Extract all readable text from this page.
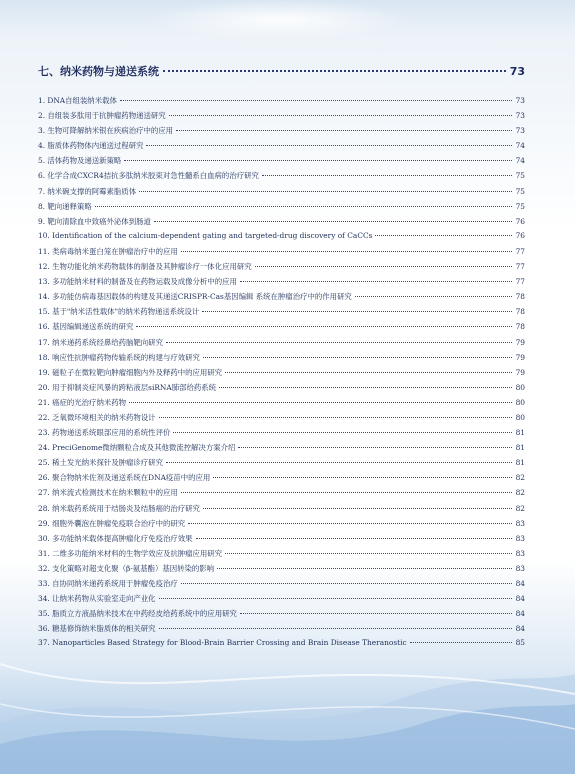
七、纳米药物与递送系统	73
1. DNA自组装纳米载体	73
2. 自组装多肽用于抗肿瘤药物递送研究	73
3. 生物可降解纳米银在疾病治疗中的应用	73
4. 脂质体药物体内递送过程研究	74
5. 活体药物及递送新策略	74
6. 化学合成CXCR4拮抗多肽纳米胶束对急性髓系白血病的治疗研究	75
7. 纳米碗支撑的阿霉素脂质体	75
8. 靶向递释策略	75
9. 靶向清除血中致癌外泌体到肠道	76
10. Identification of the calcium-dependent gating and targeted-drug discovery of CaCCs	76
11. 类病毒纳米蛋白笼在肿瘤治疗中的应用	77
12. 生物功能化纳米药物载体的制备及其肿瘤诊疗一体化应用研究	77
13. 多功能纳米材料的制备及在药物运载及成像分析中的应用	77
14. 多功能仿病毒基因载体的构建及其递送CRISPR-Cas基因编辑 系统在肿瘤治疗中的作用研究	78
15. 基于"纳米活性载体"的纳米药物递送系统设计	78
16. 基因编辑递送系统的研究	78
17. 纳米递药系统经鼻给药脑靶向研究	79
18. 响应性抗肿瘤药物传输系统的构建与疗效研究	79
19. 磁粒子在微粒靶向肿瘤细胞内外及释药中的应用研究	79
20. 用于抑制炎症风暴的跨粘液层siRNA肺部给药系统	80
21. 癌症的光治疗纳米药物	80
22. 乏氧微环境相关的纳米药物设计	80
23. 药物递送系统眼部应用的系统性评价	81
24. PreciGenome微纳颗粒合成及其他微流控解决方案介绍	81
25. 稀土发光纳米探针及肿瘤诊疗研究	81
26. 聚合物纳米佐剂及递送系统在DNA疫苗中的应用	82
27. 纳米流式检测技术在纳米颗粒中的应用	82
28. 纳米载药系统用于结肠炎及结肠癌的治疗研究	82
29. 细胞外囊泡在肿瘤免疫联合治疗中的研究	83
30. 多功能纳米载体提高肿瘤化疗免疫治疗效果	83
31. 二维多功能纳米材料的生物学效应及抗肿瘤应用研究	83
32. 支化策略对超支化聚（β-氨基酯）基因转染的影响	83
33. 自协同纳米递药系统用于肿瘤免疫治疗	84
34. 让纳米药物从实验室走向产业化	84
35. 脂质立方液晶纳米技术在中药经皮给药系统中的应用研究	84
36. 糖基修饰纳米脂质体的相关研究	84
37. Nanoparticles Based Strategy for Blood-Brain Barrier Crossing and Brain Disease Theranostic	85
